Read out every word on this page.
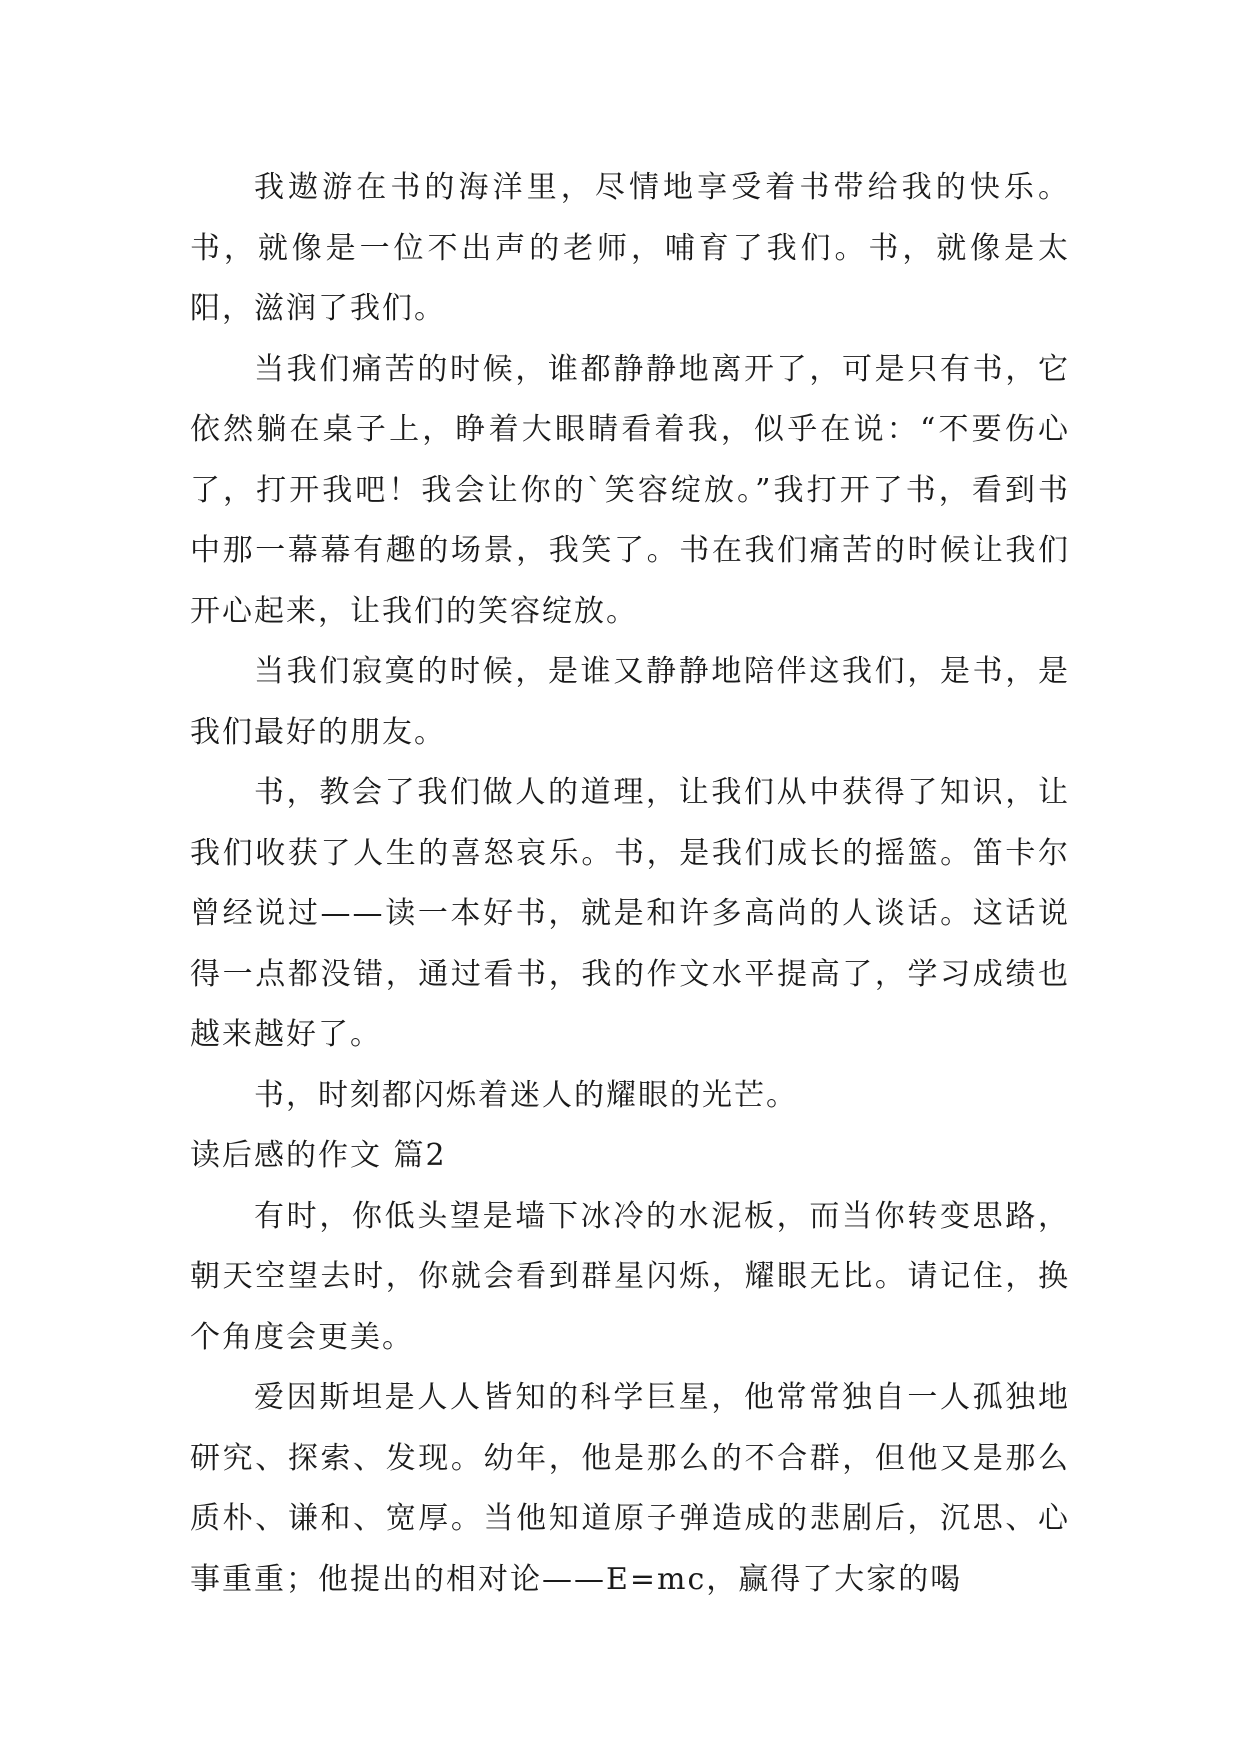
我遨游在书的海洋里，尽情地享受着书带给我的快乐。书，就像是一位不出声的老师，哺育了我们。书，就像是太阳，滋润了我们。

当我们痛苦的时候，谁都静静地离开了，可是只有书，它依然躺在桌子上，睁着大眼睛看着我，似乎在说：“不要伤心了，打开我吧！我会让你的`笑容绽放。”我打开了书，看到书中那一幕幕有趣的场景，我笑了。书在我们痛苦的时候让我们开心起来，让我们的笑容绽放。

当我们寂寞的时候，是谁又静静地陪伴这我们，是书，是我们最好的朋友。

书，教会了我们做人的道理，让我们从中获得了知识，让我们收获了人生的喜怒哀乐。书，是我们成长的摇篮。笛卡尔曾经说过——读一本好书，就是和许多高尚的人谈话。这话说得一点都没错，通过看书，我的作文水平提高了，学习成绩也越来越好了。

书，时刻都闪烁着迷人的耀眼的光芒。

读后感的作文 篇2

有时，你低头望是墙下冰冷的水泥板，而当你转变思路，朝天空望去时，你就会看到群星闪烁，耀眼无比。请记住，换个角度会更美。

爱因斯坦是人人皆知的科学巨星，他常常独自一人孤独地研究、探索、发现。幼年，他是那么的不合群，但他又是那么质朴、谦和、宽厚。当他知道原子弹造成的悲剧后，沉思、心事重重；他提出的相对论——E=mc，赢得了大家的喝
